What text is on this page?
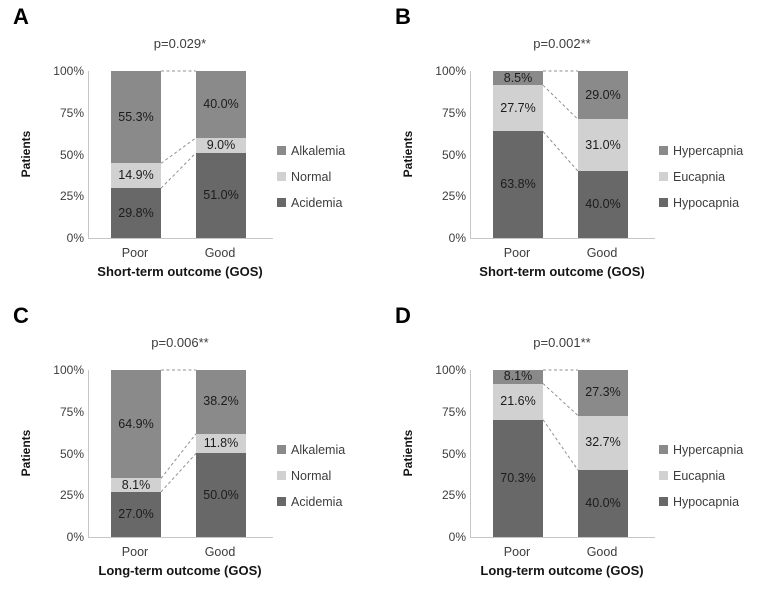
A
p=0.029*
Patients
100%
75%
50%
25%
0%
Poor	Good
55.3%
14.9%
29.8%
40.0%
9.0%
51.0%
Short-term outcome (GOS)
Alkalemia
Normal
Acidemia
B
p=0.002**
Patients
100%
75%
50%
25%
0%
Poor	Good
8.5%
27.7%
63.8%
29.0%
31.0%
40.0%
Short-term outcome (GOS)
Hypercapnia
Eucapnia
Hypocapnia
C
p=0.006**
Patients
100%
75%
50%
25%
0%
Poor	Good
64.9%
8.1%
27.0%
38.2%
11.8%
50.0%
Long-term outcome (GOS)
Alkalemia
Normal
Acidemia
D
p=0.001**
Patients
100%
75%
50%
25%
0%
Poor	Good
8.1%
21.6%
70.3%
27.3%
32.7%
40.0%
Long-term outcome (GOS)
Hypercapnia
Eucapnia
Hypocapnia
